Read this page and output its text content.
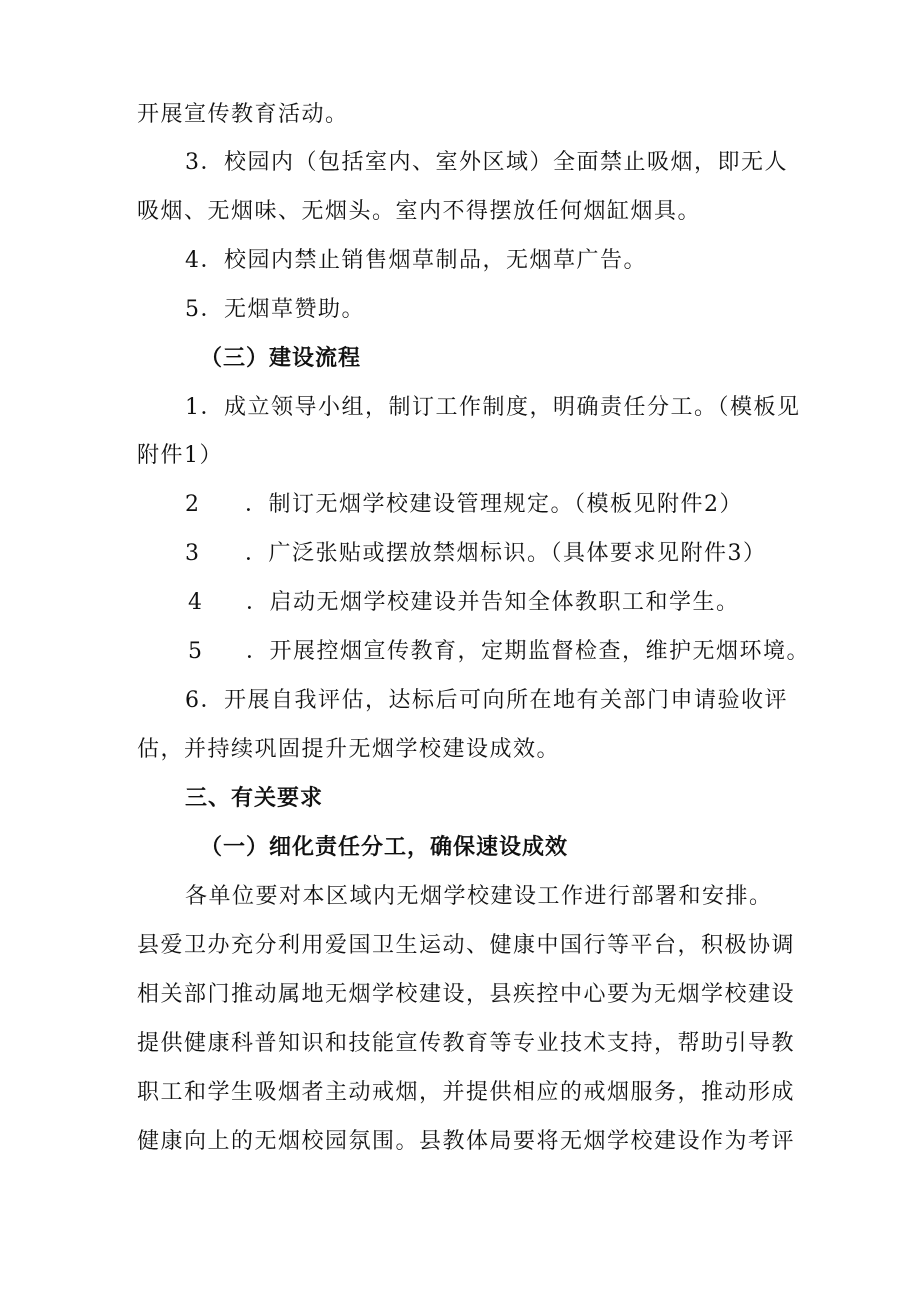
开展宣传教育活动。
3．校园内（包括室内、室外区域）全面禁止吸烟，即无人
吸烟、无烟味、无烟头。室内不得摆放任何烟缸烟具。
4．校园内禁止销售烟草制品，无烟草广告。
5．无烟草赞助。
（三）建设流程
1．成立领导小组，制订工作制度，明确责任分工。（模板见
附件1）
2 ．制订无烟学校建设管理规定。（模板见附件2）
3 ．广泛张贴或摆放禁烟标识。（具体要求见附件3）
4 ．启动无烟学校建设并告知全体教职工和学生。
5 ．开展控烟宣传教育，定期监督检查，维护无烟环境。
6．开展自我评估，达标后可向所在地有关部门申请验收评
估，并持续巩固提升无烟学校建设成效。
三、有关要求
（一）细化责任分工，确保速设成效
各单位要对本区域内无烟学校建设工作进行部署和安排。
县爱卫办充分利用爱国卫生运动、健康中国行等平台，积极协调
相关部门推动属地无烟学校建设，县疾控中心要为无烟学校建设
提供健康科普知识和技能宣传教育等专业技术支持，帮助引导教
职工和学生吸烟者主动戒烟，并提供相应的戒烟服务，推动形成
健康向上的无烟校园氛围。县教体局要将无烟学校建设作为考评
